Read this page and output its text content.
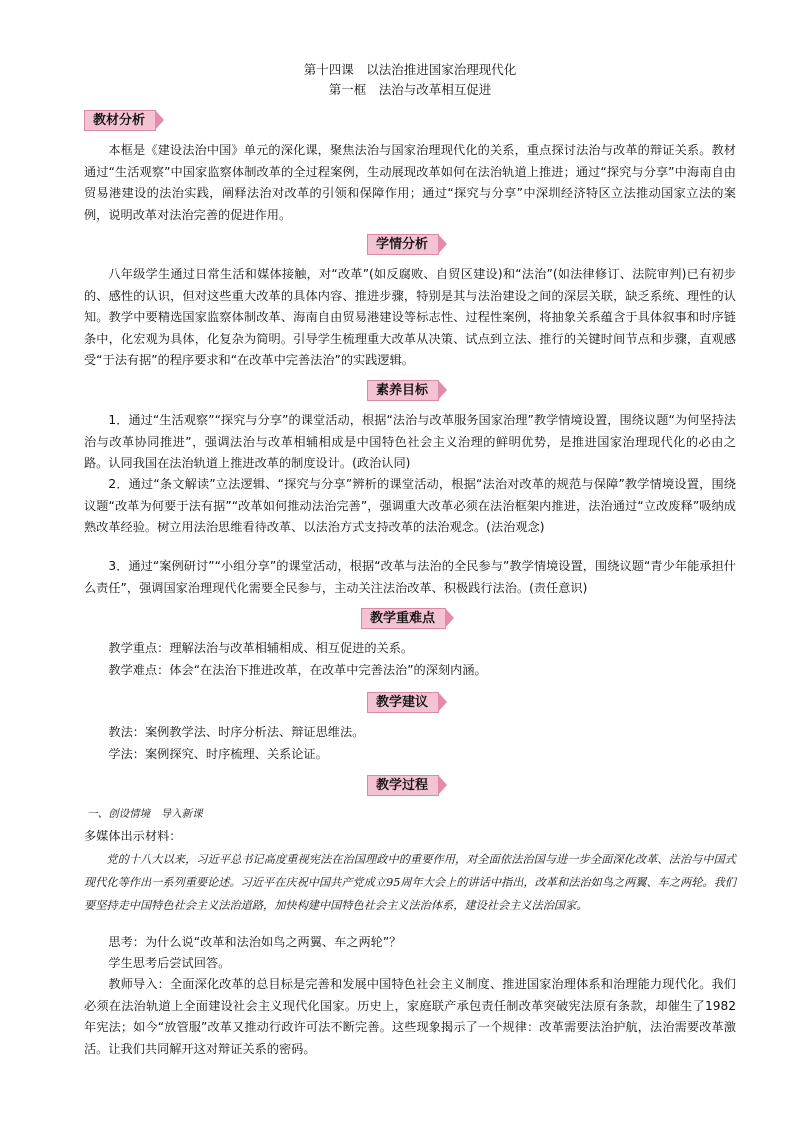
第十四课　以法治推进国家治理现代化
第一框　法治与改革相互促进
教材分析

本框是《建设法治中国》单元的深化课，聚焦法治与国家治理现代化的关系，重点探讨法治与改革的辩证关系。教材通过“生活观察”中国家监察体制改革的全过程案例，生动展现改革如何在法治轨道上推进；通过“探究与分享”中海南自由贸易港建设的法治实践，阐释法治对改革的引领和保障作用；通过“探究与分享”中深圳经济特区立法推动国家立法的案例，说明改革对法治完善的促进作用。

学情分析

八年级学生通过日常生活和媒体接触，对“改革”(如反腐败、自贸区建设)和“法治”(如法律修订、法院审判)已有初步的、感性的认识，但对这些重大改革的具体内容、推进步骤，特别是其与法治建设之间的深层关联，缺乏系统、理性的认知。教学中要精选国家监察体制改革、海南自由贸易港建设等标志性、过程性案例，将抽象关系蕴含于具体叙事和时序链条中，化宏观为具体，化复杂为简明。引导学生梳理重大改革从决策、试点到立法、推行的关键时间节点和步骤，直观感受“于法有据”的程序要求和“在改革中完善法治”的实践逻辑。

素养目标

1．通过“生活观察”“探究与分享”的课堂活动，根据“法治与改革服务国家治理”教学情境设置，围绕议题“为何坚持法治与改革协同推进”，强调法治与改革相辅相成是中国特色社会主义治理的鲜明优势，是推进国家治理现代化的必由之路。认同我国在法治轨道上推进改革的制度设计。(政治认同)

2．通过“条文解读”立法逻辑、“探究与分享”辨析的课堂活动，根据“法治对改革的规范与保障”教学情境设置，围绕议题“改革为何要于法有据”“改革如何推动法治完善”，强调重大改革必须在法治框架内推进，法治通过“立改废释”吸纳成熟改革经验。树立用法治思维看待改革、以法治方式支持改革的法治观念。(法治观念)

3．通过“案例研讨”“小组分享”的课堂活动，根据“改革与法治的全民参与”教学情境设置，围绕议题“青少年能承担什么责任”，强调国家治理现代化需要全民参与，主动关注法治改革、积极践行法治。(责任意识)

教学重难点
教学重点：理解法治与改革相辅相成、相互促进的关系。
教学难点：体会“在法治下推进改革，在改革中完善法治”的深刻内涵。
教学建议
教法：案例教学法、时序分析法、辩证思维法。
学法：案例探究、时序梳理、关系论证。
教学过程
一、创设情境　导入新课
多媒体出示材料：

党的十八大以来，习近平总书记高度重视宪法在治国理政中的重要作用，对全面依法治国与进一步全面深化改革、法治与中国式现代化等作出一系列重要论述。习近平在庆祝中国共产党成立95周年大会上的讲话中指出，改革和法治如鸟之两翼、车之两轮。我们要坚持走中国特色社会主义法治道路，加快构建中国特色社会主义法治体系，建设社会主义法治国家。

思考：为什么说“改革和法治如鸟之两翼、车之两轮”？
学生思考后尝试回答。

教师导入：全面深化改革的总目标是完善和发展中国特色社会主义制度、推进国家治理体系和治理能力现代化。我们必须在法治轨道上全面建设社会主义现代化国家。历史上，家庭联产承包责任制改革突破宪法原有条款，却催生了1982年宪法；如今“放管服”改革又推动行政许可法不断完善。这些现象揭示了一个规律：改革需要法治护航，法治需要改革激活。让我们共同解开这对辩证关系的密码。
